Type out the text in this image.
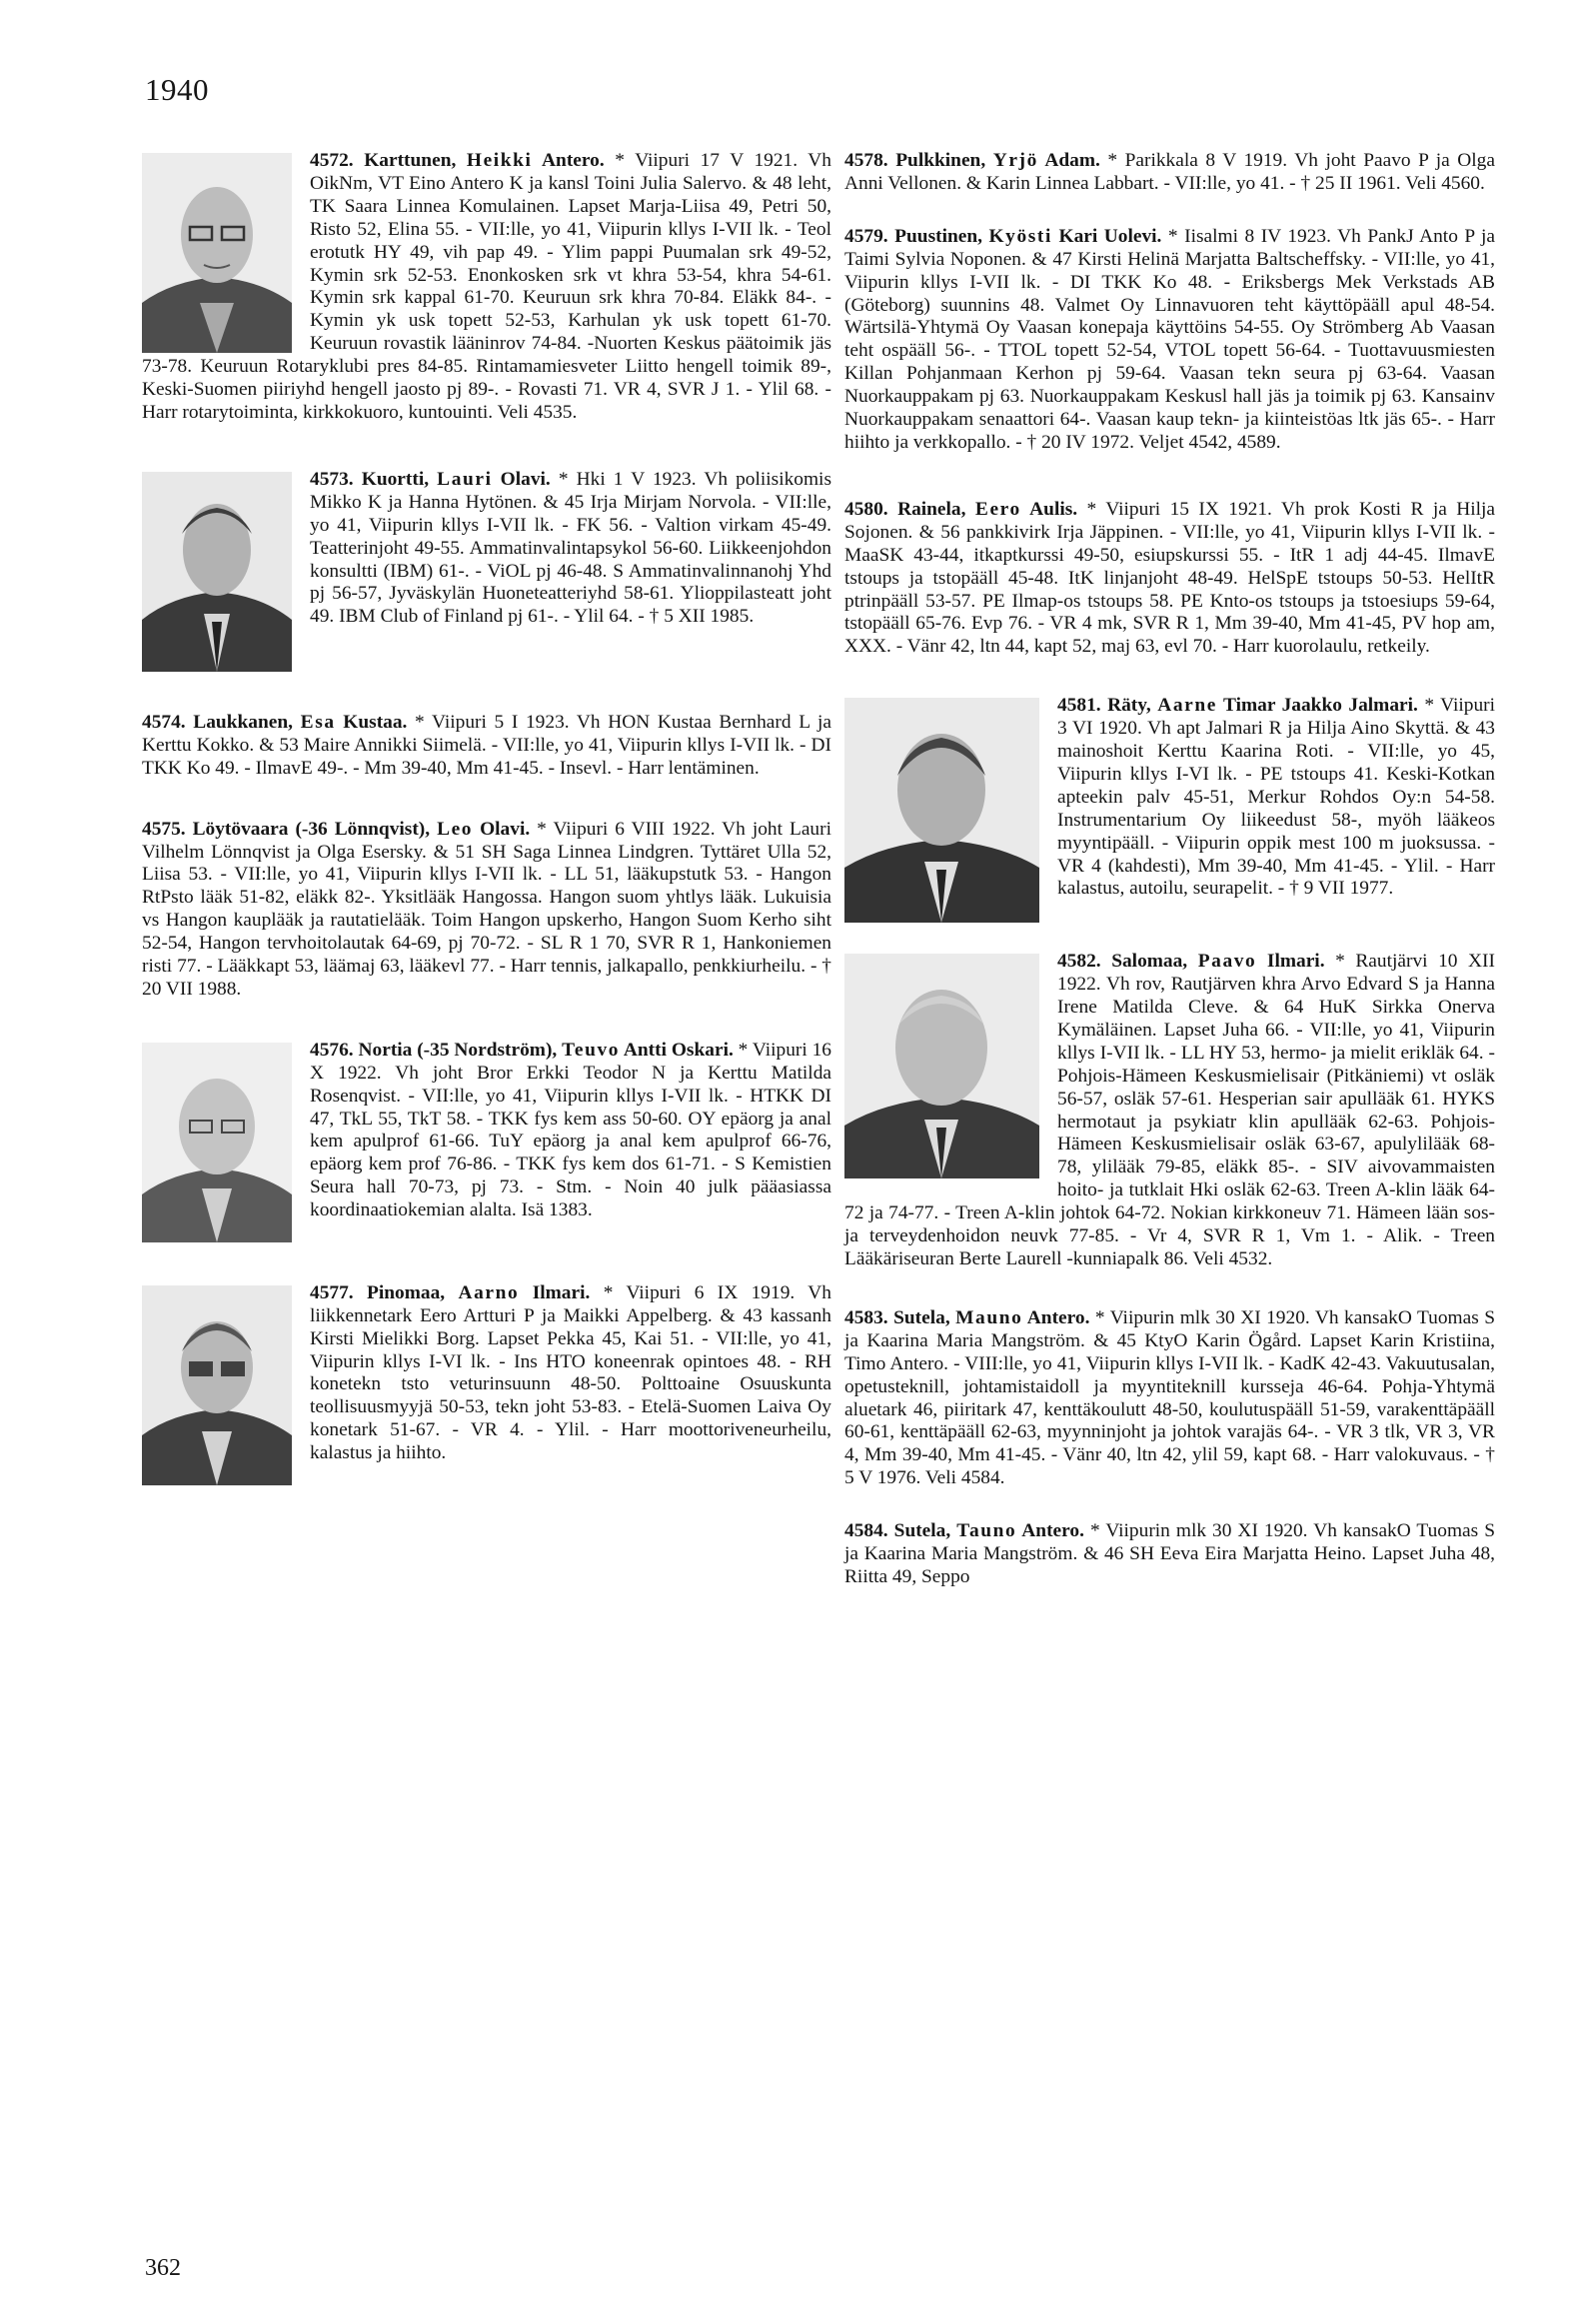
1940

4572. Karttunen, Heikki Antero. * Viipuri 17 V 1921. Vh OikNm, VT Eino Antero K ja kansl Toini Julia Salervo. & 48 leht, TK Saara Linnea Komulainen. Lapset Marja-Liisa 49, Petri 50, Risto 52, Elina 55. - VII:lle, yo 41, Viipurin kllys I-VII lk. - Teol erotutk HY 49, vih pap 49. - Ylim pappi Puumalan srk 49-52, Kymin srk 52-53. Enonkosken srk vt khra 53-54, khra 54-61. Kymin srk kappal 61-70. Keuruun srk khra 70-84. Eläkk 84-. - Kymin yk usk topett 52-53, Karhulan yk usk topett 61-70. Keuruun rovastik lääninrov 74-84. -Nuorten Keskus päätoimik jäs 73-78. Keuruun Rotaryklubi pres 84-85. Rintamamiesveter Liitto hengell toimik 89-, Keski-Suomen piiriyhd hengell jaosto pj 89-. - Rovasti 71. VR 4, SVR J 1. - Ylil 68. - Harr rotarytoiminta, kirkkokuoro, kuntouinti. Veli 4535.

4573. Kuortti, Lauri Olavi. * Hki 1 V 1923. Vh poliisikomis Mikko K ja Hanna Hytönen. & 45 Irja Mirjam Norvola. - VII:lle, yo 41, Viipurin kllys I-VII lk. - FK 56. - Valtion virkam 45-49. Teatterinjoht 49-55. Ammatinvalintapsykol 56-60. Liikkeenjohdon konsultti (IBM) 61-. - ViOL pj 46-48. S Ammatinvalinnanohj Yhd pj 56-57, Jyväskylän Huoneteatteriyhd 58-61. Ylioppilasteatt joht 49. IBM Club of Finland pj 61-. - Ylil 64. - † 5 XII 1985.

4574. Laukkanen, Esa Kustaa. * Viipuri 5 I 1923. Vh HON Kustaa Bernhard L ja Kerttu Kokko. & 53 Maire Annikki Siimelä. - VII:lle, yo 41, Viipurin kllys I-VII lk. - DI TKK Ko 49. - IlmavE 49-. - Mm 39-40, Mm 41-45. - Insevl. - Harr lentäminen.

4575. Löytövaara (-36 Lönnqvist), Leo Olavi. * Viipuri 6 VIII 1922. Vh joht Lauri Vilhelm Lönnqvist ja Olga Esersky. & 51 SH Saga Linnea Lindgren. Tyttäret Ulla 52, Liisa 53. - VII:lle, yo 41, Viipurin kllys I-VII lk. - LL 51, lääkupstutk 53. - Hangon RtPsto lääk 51-82, eläkk 82-. Yksitlääk Hangossa. Hangon suom yhtlys lääk. Lukuisia vs Hangon kauplääk ja rautatielääk. Toim Hangon upskerho, Hangon Suom Kerho siht 52-54, Hangon tervhoitolautak 64-69, pj 70-72. - SL R 1 70, SVR R 1, Hankoniemen risti 77. - Lääkkapt 53, läämaj 63, lääkevl 77. - Harr tennis, jalkapallo, penkkiurheilu. - † 20 VII 1988.

4576. Nortia (-35 Nordström), Teuvo Antti Oskari. * Viipuri 16 X 1922. Vh joht Bror Erkki Teodor N ja Kerttu Matilda Rosenqvist. - VII:lle, yo 41, Viipurin kllys I-VII lk. - HTKK DI 47, TkL 55, TkT 58. - TKK fys kem ass 50-60. OY epäorg ja anal kem apulprof 61-66. TuY epäorg ja anal kem apulprof 66-76, epäorg kem prof 76-86. - TKK fys kem dos 61-71. - S Kemistien Seura hall 70-73, pj 73. - Stm. - Noin 40 julk pääasiassa koordinaatiokemian alalta. Isä 1383.

4577. Pinomaa, Aarno Ilmari. * Viipuri 6 IX 1919. Vh liikkennetark Eero Artturi P ja Maikki Appelberg. & 43 kassanh Kirsti Mielikki Borg. Lapset Pekka 45, Kai 51. - VII:lle, yo 41, Viipurin kllys I-VI lk. - Ins HTO koneenrak opintoes 48. - RH konetekn tsto veturinsuunn 48-50. Polttoaine Osuuskunta teollisuusmyyjä 50-53, tekn joht 53-83. - Etelä-Suomen Laiva Oy konetark 51-67. - VR 4. - Ylil. - Harr moottoriveneurheilu, kalastus ja hiihto.

4578. Pulkkinen, Yrjö Adam. * Parikkala 8 V 1919. Vh joht Paavo P ja Olga Anni Vellonen. & Karin Linnea Labbart. - VII:lle, yo 41. - † 25 II 1961. Veli 4560.

4579. Puustinen, Kyösti Kari Uolevi. * Iisalmi 8 IV 1923. Vh PankJ Anto P ja Taimi Sylvia Noponen. & 47 Kirsti Helinä Marjatta Baltscheffsky. - VII:lle, yo 41, Viipurin kllys I-VII lk. - DI TKK Ko 48. - Eriksbergs Mek Verkstads AB (Göteborg) suunnins 48. Valmet Oy Linnavuoren teht käyttöpääll apul 48-54. Wärtsilä-Yhtymä Oy Vaasan konepaja käyttöins 54-55. Oy Strömberg Ab Vaasan teht ospääll 56-. - TTOL topett 52-54, VTOL topett 56-64. - Tuottavuusmiesten Killan Pohjanmaan Kerhon pj 59-64. Vaasan tekn seura pj 63-64. Vaasan Nuorkauppakam pj 63. Nuorkauppakam Keskusl hall jäs ja toimik pj 63. Kansainv Nuorkauppakam senaattori 64-. Vaasan kaup tekn- ja kiinteistöas ltk jäs 65-. - Harr hiihto ja verkkopallo. - † 20 IV 1972. Veljet 4542, 4589.

4580. Rainela, Eero Aulis. * Viipuri 15 IX 1921. Vh prok Kosti R ja Hilja Sojonen. & 56 pankkivirk Irja Jäppinen. - VII:lle, yo 41, Viipurin kllys I-VII lk. - MaaSK 43-44, itkaptkurssi 49-50, esiupskurssi 55. - ItR 1 adj 44-45. IlmavE tstoups ja tstopääll 45-48. ItK linjanjoht 48-49. HelSpE tstoups 50-53. HelItR ptrinpääll 53-57. PE Ilmap-os tstoups 58. PE Knto-os tstoups ja tstoesiups 59-64, tstopääll 65-76. Evp 76. - VR 4 mk, SVR R 1, Mm 39-40, Mm 41-45, PV hop am, XXX. - Vänr 42, ltn 44, kapt 52, maj 63, evl 70. - Harr kuorolaulu, retkeily.

4581. Räty, Aarne Timar Jaakko Jalmari. * Viipuri 3 VI 1920. Vh apt Jalmari R ja Hilja Aino Skyttä. & 43 mainoshoit Kerttu Kaarina Roti. - VII:lle, yo 45, Viipurin kllys I-VI lk. - PE tstoups 41. Keski-Kotkan apteekin palv 45-51, Merkur Rohdos Oy:n 54-58. Instrumentarium Oy liikeedust 58-, myöh lääkeos myyntipääll. - Viipurin oppik mest 100 m juoksussa. - VR 4 (kahdesti), Mm 39-40, Mm 41-45. - Ylil. - Harr kalastus, autoilu, seurapelit. - † 9 VII 1977.

4582. Salomaa, Paavo Ilmari. * Rautjärvi 10 XII 1922. Vh rov, Rautjärven khra Arvo Edvard S ja Hanna Irene Matilda Cleve. & 64 HuK Sirkka Onerva Kymäläinen. Lapset Juha 66. - VII:lle, yo 41, Viipurin kllys I-VII lk. - LL HY 53, hermo- ja mielit erikläk 64. - Pohjois-Hämeen Keskusmielisair (Pitkäniemi) vt osläk 56-57, osläk 57-61. Hesperian sair apullääk 61. HYKS hermotaut ja psykiatr klin apullääk 62-63. Pohjois-Hämeen Keskusmielisair osläk 63-67, apulylilääk 68-78, ylilääk 79-85, eläkk 85-. - SIV aivovammaisten hoito- ja tutklait Hki osläk 62-63. Treen A-klin lääk 64-72 ja 74-77. - Treen A-klin johtok 64-72. Nokian kirkkoneuv 71. Hämeen lään sos- ja terveydenhoidon neuvk 77-85. - Vr 4, SVR R 1, Vm 1. - Alik. - Treen Lääkäriseuran Berte Laurell -kunniapalk 86. Veli 4532.

4583. Sutela, Mauno Antero. * Viipurin mlk 30 XI 1920. Vh kansakO Tuomas S ja Kaarina Maria Mangström. & 45 KtyO Karin Ögård. Lapset Karin Kristiina, Timo Antero. - VIII:lle, yo 41, Viipurin kllys I-VII lk. - KadK 42-43. Vakuutusalan, opetusteknill, johtamistaidoll ja myyntiteknill kursseja 46-64. Pohja-Yhtymä aluetark 46, piiritark 47, kenttäkoulutt 48-50, koulutuspääll 51-59, varakenttäpääll 60-61, kenttäpääll 62-63, myynninjoht ja johtok varajäs 64-. - VR 3 tlk, VR 3, VR 4, Mm 39-40, Mm 41-45. - Vänr 40, ltn 42, ylil 59, kapt 68. - Harr valokuvaus. - † 5 V 1976. Veli 4584.

4584. Sutela, Tauno Antero. * Viipurin mlk 30 XI 1920. Vh kansakO Tuomas S ja Kaarina Maria Mangström. & 46 SH Eeva Eira Marjatta Heino. Lapset Juha 48, Riitta 49, Seppo

362
